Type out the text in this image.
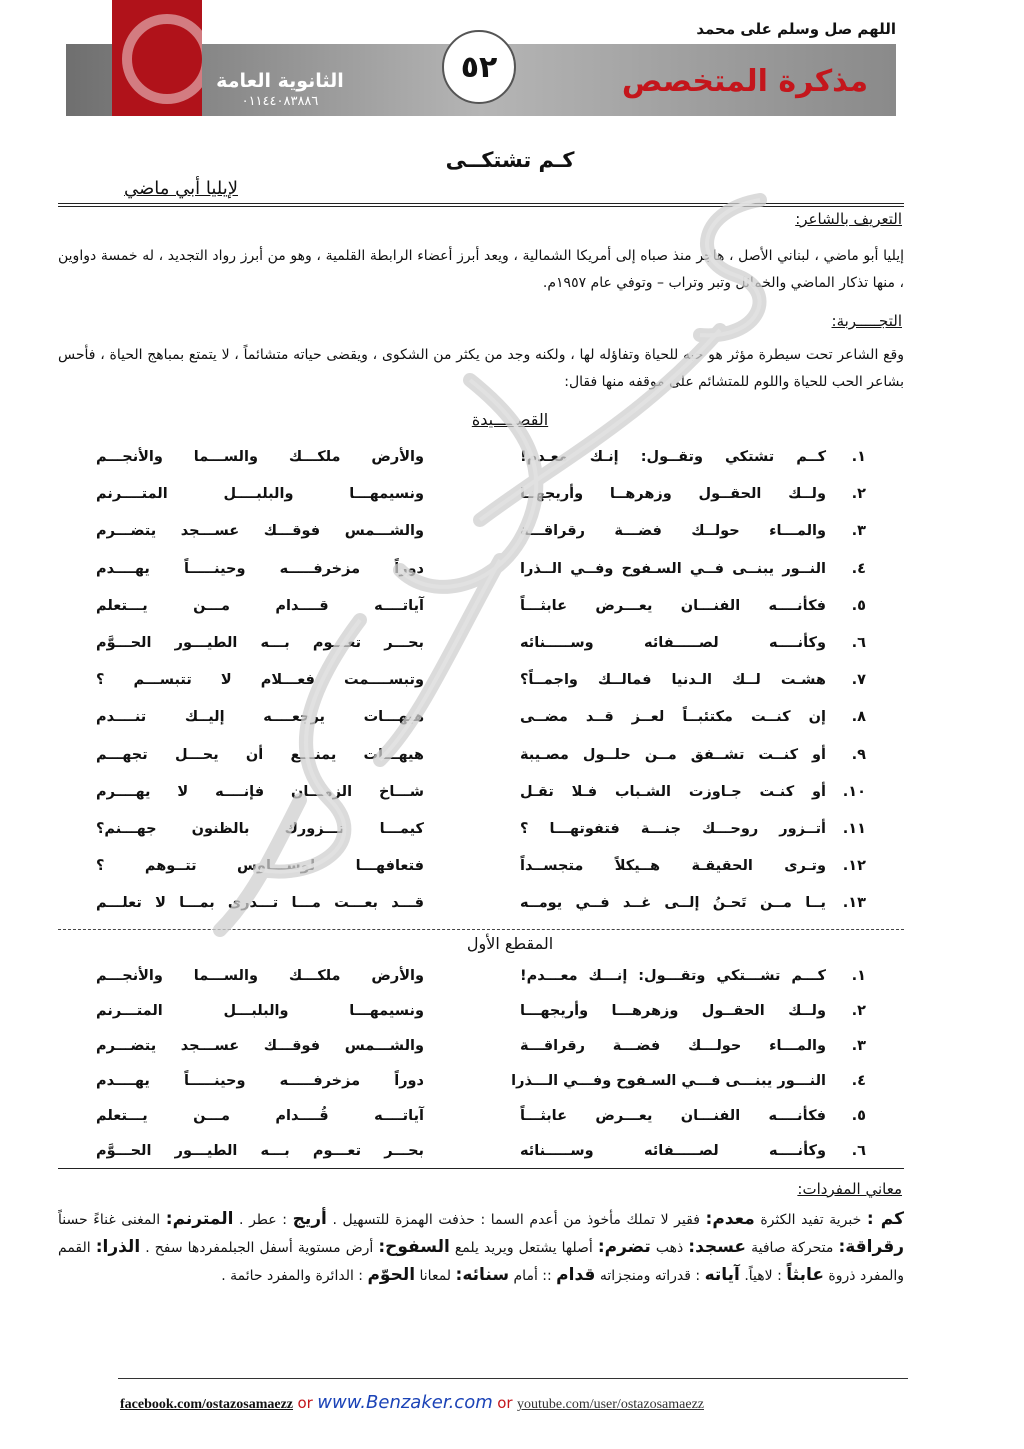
اللهم صل وسلم على محمد
الثانوية العامة
٠١١٤٤٠٨٣٨٨٦
٥٢	مذكرة المتخصص
كـم تشتكــى
لإيليا أبي ماضي
التعريف بالشاعر:
إيليا أبو ماضي ، لبناني الأصل ، هاجر منذ صباه إلى أمريكا الشمالية ، ويعد أبرز أعضاء الرابطة القلمية ، وهو من أبرز رواد التجديد ، له خمسة دواوين ، منها تذكار الماضي والخمائل وتبر وتراب – وتوفي عام ١٩٥٧م.
التجـــــربة:
وقع الشاعر تحت سيطرة مؤثر هو حبه للحياة وتفاؤله لها ، ولكنه وجد من يكثر من الشكوى ، ويقضى حياته متشائماً ، لا يتمتع بمباهج الحياة ، فأحس بشاعر الحب للحياة واللوم للمتشائم على موقفه منها فقال:
القصـــــيدة
١.
كــم تشتكي وتقــول: إنـك معـدم!
والأرض ملكـــك والســـما والأنجـــم
٢.
ولــك الحقــول وزهرهــا وأريجهــا
ونسيمهـــا والبلبــــل المتــــرنم
٣.
والمـــاء حولــك فضـــة رقراقـــة
والشـــمس فوقـــك عســـجد يتضـــرم
٤.
النــور يبنــى فــي السـفوح وفــي الــذرا
دوراً مزخرفـــــه وحينـــــاً يهــــدم
٥.
فكأنــــه الفنـــان يعـــرض عابثـــاً
آياتــــه قــــدام مـــن يـــتعلم
٦.
وكأنــــه لصـــــفائه وســـــنائه
بحـــر تعـــوم بـــه الطيـــور الحـــوَّم
٧.
هشـت لــك الـدنيا فمالــك واجمــاً؟
وتبســــمت فعـــلام لا تتبســـم ؟
٨.
إن كنــت مكتئبــاً لعــز قــد مضــى
هيهـــات يرجعــــه إليــك تنــــدم
٩.
أو كنــت تشــفق مــن حلــول مصـيبة
هيهـــات يمنـــع أن يحـــل تجهـــم
١٠.
أو كنـت جـاوزت الشـباب فـلا تقـل
شـــاخ الزمـــان فإنــــه لا يهــــرم
١١.
أتــزور روحـــك جنـــة فتفوتهـــا ؟
كيمـــا تـــزورك بالظنون جهـــنم؟
١٢.
وتـرى الحقيقـة هــيكلاً متجســداً
فتعافهـــا لوســـاوس تتــوهم ؟
١٣.
يــا مــن تَحـنُ إلــى غــد فــي يومــه
قـــد بعـــت مـــا تـــدرى بمـــا لا تعلـــم
المقطع الأول
١.
كـــم تشـــتكي وتقـــول: إنـــك معـــدم!
والأرض ملكـــك والســـما والأنجـــم
٢.
ولــك الحقــول وزهرهـــا وأريجهـــا
ونسيمهـــا والبلبـــل المتـــرنم
٣.
والمـــاء حولـــك فضـــة رقراقـــة
والشـــمس فوقـــك عســـجد يتضـــرم
٤.
النـــور يبنـــى فـــي السـفوح وفـــي الـــذرا
دوراً مزخرفـــــه وحينـــــاً يهــــدم
٥.
فكأنــــه الفنـــان يعـــرض عابثـــاً
آياتــــه قُــــدام مـــن يـــتعلم
٦.
وكأنــــه لصـــــفائه وســـــنائه
بحـــر تعـــوم بـــه الطيـــور الحـــوَّم
معاني المفردات:
كم : خبرية تفيد الكثرة معدم: فقير لا تملك مأخوذ من أعدم السما : حذفت الهمزة للتسهيل . أريج : عطر . المترنم: المغنى غناءً حسناً رقراقة: متحركة صافية عسجد: ذهب تضرم: أصلها يشتعل ويريد يلمع السفوح: أرض مستوية أسفل الجبلمفردها سفح . الذرا: القمم والمفرد ذروة عابثاً : لاهياً. آياته : قدراته ومنجزاته قدام :: أمام سنائه: لمعانا الحوّم : الدائرة والمفرد حائمة .
facebook.com/ostazosamaezz or www.Benzaker.com or youtube.com/user/ostazosamaezz
